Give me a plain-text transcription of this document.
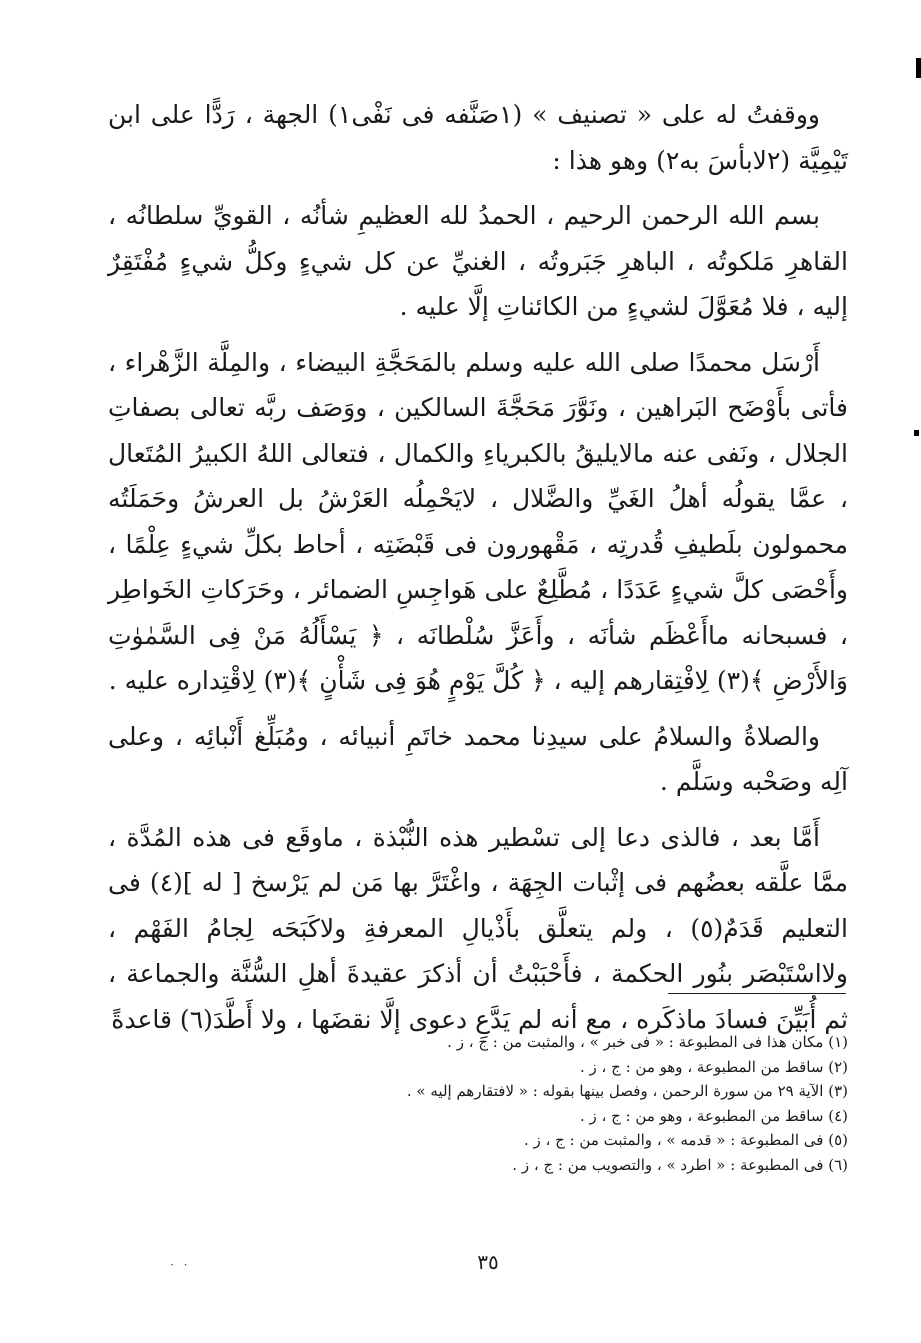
ووقفتُ له على « تصنيف » (١صَنَّفه فى نَفْى١) الجهة ، رَدًّا على ابن تَيْمِيَّة (٢لابأسَ به٢) وهو هذا :

بسم الله الرحمن الرحيم ، الحمدُ لله العظيمِ شأنُه ، القويِّ سلطانُه ، القاهرِ مَلكوتُه ، الباهرِ جَبَروتُه ، الغنيِّ عن كل شيءٍ وكلُّ شيءٍ مُفْتَقِرٌ إليه ، فلا مُعَوَّلَ لشيءٍ من الكائناتِ إلَّا عليه .

أَرْسَل محمدًا صلى الله عليه وسلم بالمَحَجَّةِ البيضاء ، والمِلَّة الزَّهْراء ، فأتى بأَوْضَح البَراهين ، ونَوَّرَ مَحَجَّةَ السالكين ، ووَصَف ربَّه تعالى بصفاتِ الجلال ، ونَفى عنه مالايليقُ بالكبرياءِ والكمال ، فتعالى اللهُ الكبيرُ المُتَعال ، عمَّا يقولُه أهلُ الغَيِّ والضَّلال ، لايَحْمِلُه العَرْشُ بل العرشُ وحَمَلَتُه محمولون بلَطيفِ قُدرتِه ، مَقْهورون فى قَبْضَتِه ، أحاط بكلِّ شيءٍ عِلْمًا ، وأَحْصَى كلَّ شيءٍ عَدَدًا ، مُطَّلِعٌ على هَواجِسِ الضمائر ، وحَرَكاتِ الخَواطِر ، فسبحانه ماأَعْظَم شأنَه ، وأَعَزَّ سُلْطانَه ، ﴿ يَسْأَلُهُ مَنْ فِى السَّمٰوٰتِ وَالأَرْضِ ﴾(٣) لِافْتِقارهم إليه ، ﴿ كُلَّ يَوْمٍ هُوَ فِى شَأْنٍ ﴾(٣) لِاقْتِداره عليه .

والصلاةُ والسلامُ على سيدِنا محمد خاتَمِ أنبيائه ، ومُبَلِّغ أَنْبائِه ، وعلى آلِه وصَحْبه وسَلَّم .

أَمَّا بعد ، فالذى دعا إلى تسْطير هذه النُّبْذة ، ماوقَع فى هذه المُدَّة ، ممَّا علَّقه بعضُهم فى إثْبات الجِهَة ، واغْتَرَّ بها مَن لم يَرْسخ [ له ](٤) فى التعليم قَدَمٌ(٥) ، ولم يتعلَّق بأَذْيالِ المعرفةِ ولاكَبَحَه لِجامُ الفَهْم ، ولااسْتَبْصَر بنُور الحكمة ، فأَحْبَبْتُ أن أذكرَ عقيدةَ أهلِ السُّنَّة والجماعة ، ثم أُبَيِّنَ فسادَ ماذكَره ، مع أنه لم يَدَّعِ دعوى إلَّا نقضَها ، ولا أَطَّدَ(٦) قاعدةً

(١) مكان هذا فى المطبوعة : « فى خبر » ، والمثبت من : ج ، ز .
(٢) ساقط من المطبوعة ، وهو من : ج ، ز .
(٣) الآية ٢٩ من سورة الرحمن ، وفصل بينها بقوله : « لافتقارهم إليه » .
(٤) ساقط من المطبوعة ، وهو من : ج ، ز .
(٥) فى المطبوعة : « قدمه » ، والمثبت من : ج ، ز .
(٦) فى المطبوعة : « اطرد » ، والتصويب من : ج ، ز .
٣٥
· ·
